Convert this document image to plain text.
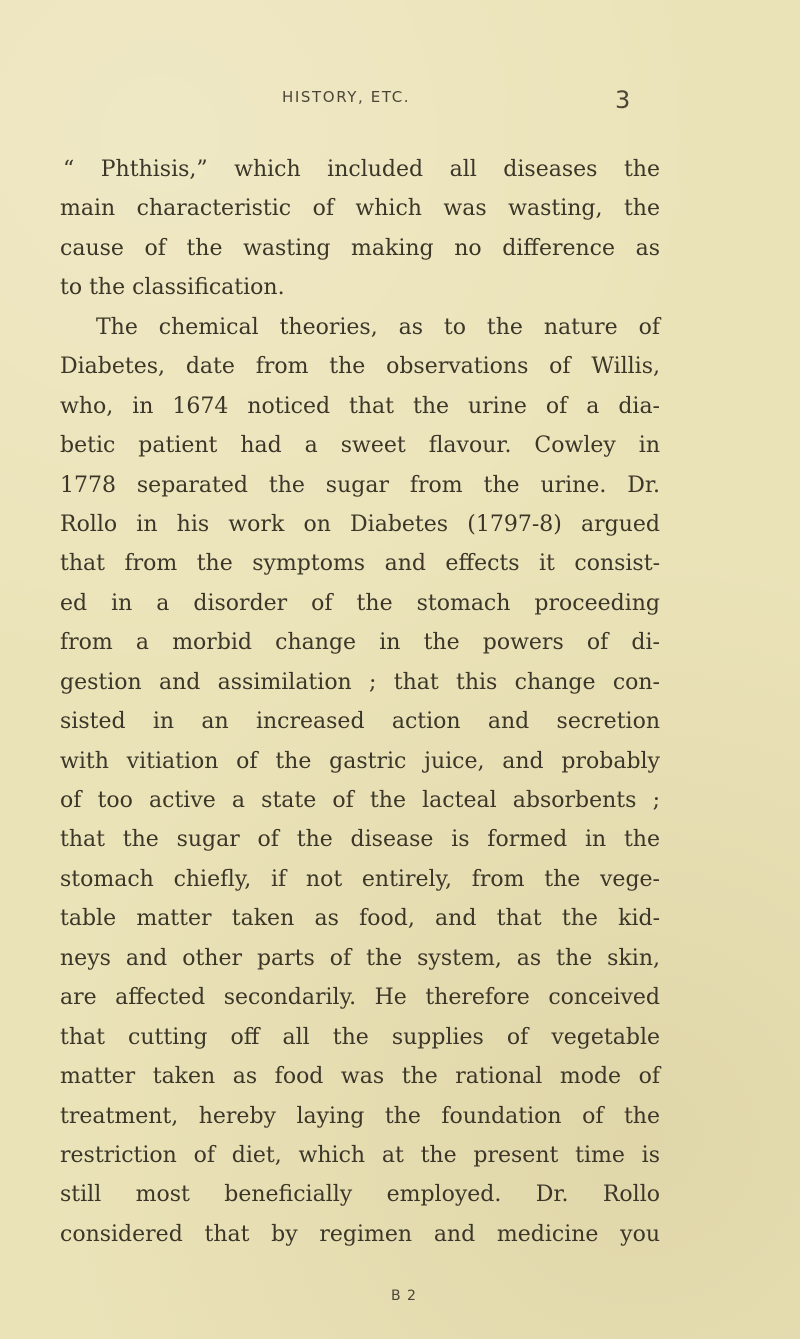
HISTORY, ETC.	3
“ Phthisis,” which included all diseases the
main characteristic of which was wasting, the
cause of the wasting making no difference as
to the classification.
The chemical theories, as to the nature of
Diabetes, date from the observations of Willis,
who, in 1674 noticed that the urine of a dia-
betic patient had a sweet flavour. Cowley in
1778 separated the sugar from the urine. Dr.
Rollo in his work on Diabetes (1797-8) argued
that from the symptoms and effects it consist-
ed in a disorder of the stomach proceeding
from a morbid change in the powers of di-
gestion and assimilation ; that this change con-
sisted in an increased action and secretion
with vitiation of the gastric juice, and probably
of too active a state of the lacteal absorbents ;
that the sugar of the disease is formed in the
stomach chiefly, if not entirely, from the vege-
table matter taken as food, and that the kid-
neys and other parts of the system, as the skin,
are affected secondarily. He therefore conceived
that cutting off all the supplies of vegetable
matter taken as food was the rational mode of
treatment, hereby laying the foundation of the
restriction of diet, which at the present time is
still most beneficially employed. Dr. Rollo
considered that by regimen and medicine you
B 2
